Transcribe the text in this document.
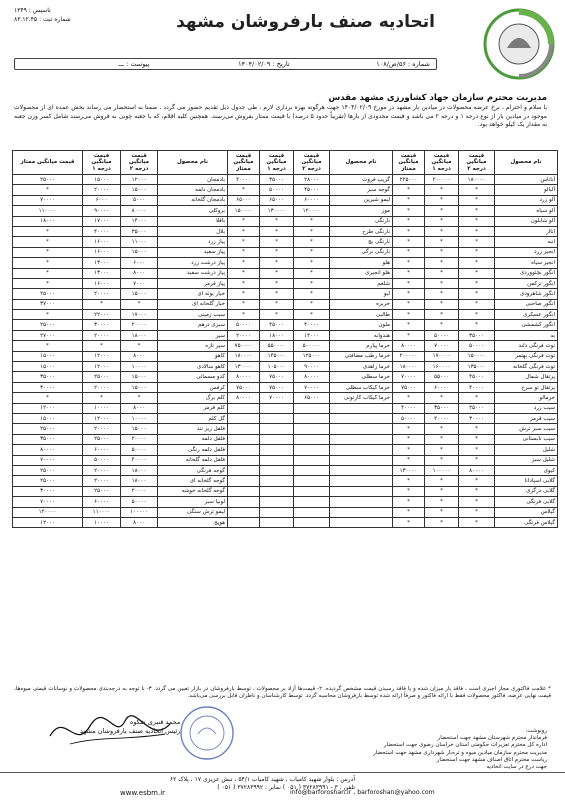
اتحادیه صنف بارفروشان مشهد
تاسیس : ۱۳۴۹
شماره ثبت : ۸۳.۱۲.۴۵
شماره : ۵۶/ص/۱۰۸
تاریخ : ۱۴۰۴/۰۲/۰۹
پیوست : ـــ
مدیریت محترم سازمان جهاد کشاورزی مشهد مقدس
با سلام و احترام ، نرخ عرضه محصولات در میادین بار مشهد در مورخ ۱۴۰۴/۰۲/۰۹ جهت هرگونه بهره برداری لازم ، طی جدول ذیل تقدیم حضور می گردد . ضمنا به استحضار می رساند بخش عمده ای از محصولات موجود در میادین بار از نوع درجه ۱ و درجه ۲ می باشد و قیمت محدودی از بارها (تقریباً حدود ۵ درصد) با قیمت ممتاز بفروش می‌رسند. همچنین کلیه اقلام، که با جعبه چوبی به فروش می‌رسند شامل کسر وزن جعبه به مقدار یک کیلو خواهد بود.
نام محصول	قیمت میانگین درجه ۲	قیمت میانگین درجه ۱	قیمت میانگین ممتاز	نام محصول	قیمت میانگین درجه ۲	قیمت میانگین درجه ۱	قیمت میانگین ممتاز	نام محصول	قیمت میانگین درجه ۲	قیمت میانگین درجه ۱	قیمت میانگین ممتاز
آناناس	۱۸۰۰۰۰	۲۰۰۰۰۰	۲۲۵۰۰۰	گریپ فروت	۲۸۰۰۰	۳۵۰۰۰	۴۰۰۰۰	بادمجان	۱۲۰۰۰	۱۵۰۰۰	۲۵۰۰۰
آلبالو	*	*	*	گوجه سبز	۴۵۰۰۰	۵۰۰۰۰	*	بادمجان دلمه	۱۵۰۰۰	۲۰۰۰۰	*
آلو زرد	*	*	*	لیمو شیرین	۶۰۰۰۰	۶۵۰۰۰	۶۵۰۰۰	بادمجان گلخانه	۵۰۰۰	۶۰۰۰	۷۰۰۰۰
آلو سیاه	*	*	*	موز	۱۲۰۰۰۰	۱۳۰۰۰۰	۱۵۰۰۰۰	بروکلی	۸۰۰۰۰	۹۰۰۰۰	۱۱۰۰۰۰
آلو شابلون	*	*	*	نارنگی	*	*	*	باقلا	۱۴۰۰۰	۱۷۰۰۰	۱۸۰۰۰
اناار	*	*	*	نارنگی طرح	*	*	*	بلال	۳۵۰۰۰	۴۰۰۰۰	*
انبه	*	*	*	نارنگی بچ	*	*	*	پیاز زرد	۱۱۰۰۰	۱۶۰۰۰	*
انجیر زرد	*	*	*	نارنگی برگی	*	*	*	پیاز سفید	۱۵۰۰۰	۱۶۰۰۰	*
انجیر سیاه	*	*	*	هلو	*	*	*	پیاز درشت زرد	۶۰۰۰	۱۳۰۰۰	*
انگور بچئووردی	*	*	*	هلو انجیری	*	*	*	پیاز درشت سفید	۸۰۰۰	۱۳۰۰۰	*
انگور ترکمن	*	*	*	شلغم	*	*	*	پیاز قرمز	۷۰۰۰	۱۶۰۰۰	*
انگور شاهرودی	*	*	*	لبو	*	*	*	خیار بوته ای	۱۵۰۰۰	۲۰۰۰۰	۲۵۰۰۰
انگور صاحبی	*	*	*	خربزه	*	*	*	خیار گلخانه ای	*	*	۳۷۰۰۰
انگور عسکری	*	*	*	طالبی	*	*	*	سیب زمینی	۱۷۰۰۰	۲۲۰۰۰	*
انگور کشمشی	*	*	*	ملون	۴۰۰۰۰	۴۵۰۰۰	۵۰۰۰۰	سبزی درهم	۲۰۰۰۰	۳۰۰۰۰	۲۵۰۰۰
به	۳۵۰۰۰	۵۰۰۰۰	*	هندوانه	۱۴۰۰۰	۱۸۰۰۰	۲۰۰۰۰	سیر	۱۸۰۰۰	۲۰۰۰۰	۲۷۰۰۰
توت فرنگی دلند	۵۰۰۰۰	۷۰۰۰۰	۸۰۰۰۰	خرما پیارم	۵۰۰۰۰۰	۵۵۰۰۰۰	۷۵۰۰۰۰	سیر تازه	*	*	*
توت فرنگی بهتمر	۱۵۰۰۰۰	۱۷۰۰۰۰	۲۰۰۰۰۰	خرما رطب مضافتی	۱۲۵۰۰۰	۱۴۵۰۰۰	۱۸۰۰۰۰	کاهو	۸۰۰۰	۱۲۰۰۰	۱۵۰۰۰
توت فرنگی گلخانه	۱۳۵۰۰۰	۱۶۰۰۰۰	۱۸۰۰۰۰	خرما زاهدی	۹۰۰۰۰	۱۰۵۰۰۰	۱۳۰۰۰۰	کاهو سالادی	۱۰۰۰۰	۱۲۰۰۰	۱۵۰۰۰
پرتقال شمال	۴۵۰۰۰	۵۵۰۰۰	۷۰۰۰۰	خرما سطلی	۸۰۰۰۰	۷۵۰۰۰	۸۰۰۰۰	کدو مسمائی	۱۵۰۰۰	۲۵۰۰۰	۳۵۰۰۰
پرتقال تو سرخ	۴۰۰۰۰	۶۰۰۰۰	۷۵۰۰۰	خرما کیکاب سطلی	۷۰۰۰۰	۷۵۰۰۰	۷۵۰۰۰	کرفس	۱۵۰۰۰	۲۰۰۰۰	۳۰۰۰۰
خرمالو	*	*	*	خرما کیکاب کارتونی	۶۵۰۰۰	۷۰۰۰۰	۸۰۰۰۰	کلم برگ	*	*	*
سیب زرد	۲۵۰۰۰	۳۵۰۰۰	۴۰۰۰۰					کلم قرمز	۸۰۰۰	۱۰۰۰۰	۱۲۰۰۰
سیب قرمز	۳۰۰۰۰	۴۰۰۰۰	۵۰۰۰۰					گل کلم	۱۰۰۰۰	۱۲۰۰۰	۱۵۰۰۰
سیب سبز ترش	*	*	*					فلفل ریز تند	۱۵۰۰۰	۲۰۰۰۰	۲۵۰۰۰
سیب تابستانی	*	*	*					فلفل دلمه	۲۰۰۰۰	۲۵۰۰۰	۳۵۰۰۰
شلیل	*	*	*					فلفل دلمه رنگی	۵۰۰۰۰	۶۰۰۰۰	۸۰۰۰۰
شلیل سبز	*	*	*					فلفل دلمه گلخانه	۴۰۰۰۰	۵۰۰۰۰	۷۰۰۰۰
کیوی	۸۰۰۰۰	۱۰۰۰۰۰	۱۳۰۰۰۰					گوجه فرنگی	۱۸۰۰۰	۲۰۰۰۰	۲۵۰۰۰
گلابی اسپادانا	*	*	*					گوجه گلخانه ای	۱۸۰۰۰	۲۰۰۰۰	۲۵۰۰۰
گلابی درگزی	*	*	*					گوجه گلخانه خوشه	۲۰۰۰۰	۲۵۰۰۰	۳۰۰۰۰
گلابی فرنگی	*	*	*					لوبیا سبز	۵۰۰۰۰	۶۰۰۰۰	۷۰۰۰۰
گیلاس	*	*	*					لیمو ترش سنگی	۱۰۰۰۰۰	۱۱۰۰۰۰	۱۲۰۰۰۰
گیلاس فرنگی	*	*	*					هویج	۸۰۰۰	۱۰۰۰۰	۱۲۰۰۰
* علامت فاکتوری مجاز اجبری است ، فاقد بار میزان شده و یا فاقد رسیدن قیمت مشخص گردیده. ۲- قیمت‌ها آزاد بر محصولات ، توسط بارفروشان در بازار تعیین می گردد. ۳- با توجه به درجه‌بندی محصولات و نوسانات قیمتی میوه‌ها، قیمت نهایی عرضه، فاکتور محصولات فقط با ارائه فاکتور و صرفاً ارائه شده توسط بارفروشان محاسبه گردد. توسط کارشناسان و ناظران قابل بررسی می‌باشد.
محمد قنبری شکوه
رئیس اتحادیه صنف بارفروشان مشهد	رونوشت:
فرماندار محترم شهرستان مشهد جهت استحضار
اداره کل محترم تعزیرات حکومتی استان خراسان رضوی جهت استحضار
مدیریت محترم سازمان میادین میوه و تره‌بار شهرداری مشهد جهت استحضار
ریاست محترم اتاق اصناف مشهد جهت استحضار
جهت درج در سایت اتحادیه
آدرس : بلوار شهید کامیاب ، شهید کامیاب ۵۴/۱ ، نبش عزیزی ۱۷ ، پلاک ۶۲
تلفن : ۳ - ۳۷۲۸۳۹۹۱ ( ۰۵۱ ) نمابر : ۳۷۲۸۳۹۹۲ ( ۰۵۱ )
www.esbm.ir	info@barforoshan.ir , barforoshan@yahoo.com
